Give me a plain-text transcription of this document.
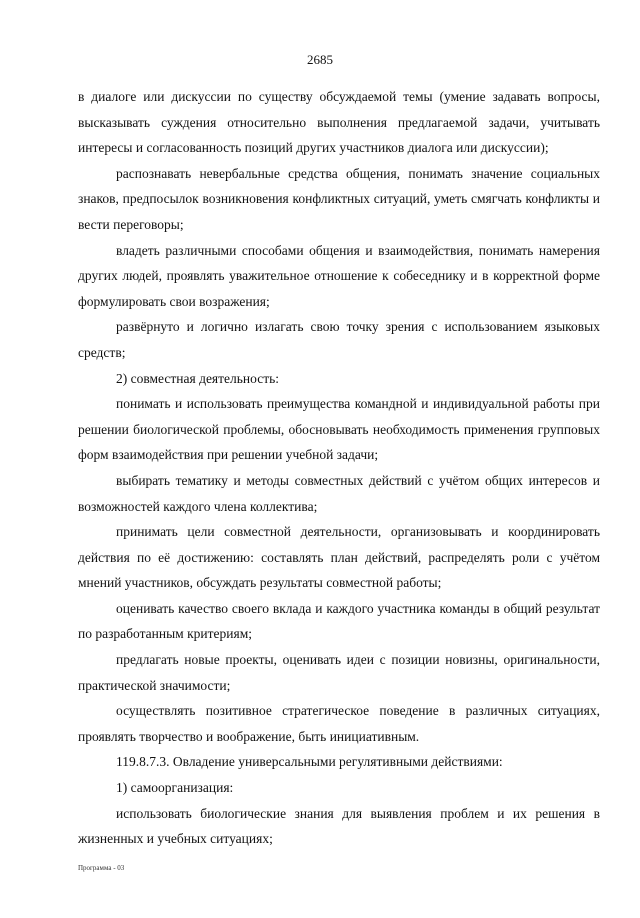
2685

в диалоге или дискуссии по существу обсуждаемой темы (умение задавать вопросы, высказывать суждения относительно выполнения предлагаемой задачи, учитывать интересы и согласованность позиций других участников диалога или дискуссии);

распознавать невербальные средства общения, понимать значение социальных знаков, предпосылок возникновения конфликтных ситуаций, уметь смягчать конфликты и вести переговоры;

владеть различными способами общения и взаимодействия, понимать намерения других людей, проявлять уважительное отношение к собеседнику и в корректной форме формулировать свои возражения;

развёрнуто и логично излагать свою точку зрения с использованием языковых средств;

2) совместная деятельность:

понимать и использовать преимущества командной и индивидуальной работы при решении биологической проблемы, обосновывать необходимость применения групповых форм взаимодействия при решении учебной задачи;

выбирать тематику и методы совместных действий с учётом общих интересов и возможностей каждого члена коллектива;

принимать цели совместной деятельности, организовывать и координировать действия по её достижению: составлять план действий, распределять роли с учётом мнений участников, обсуждать результаты совместной работы;

оценивать качество своего вклада и каждого участника команды в общий результат по разработанным критериям;

предлагать новые проекты, оценивать идеи с позиции новизны, оригинальности, практической значимости;

осуществлять позитивное стратегическое поведение в различных ситуациях, проявлять творчество и воображение, быть инициативным.

119.8.7.3. Овладение универсальными регулятивными действиями:

1) самоорганизация:

использовать биологические знания для выявления проблем и их решения в жизненных и учебных ситуациях;

Программа - 03
